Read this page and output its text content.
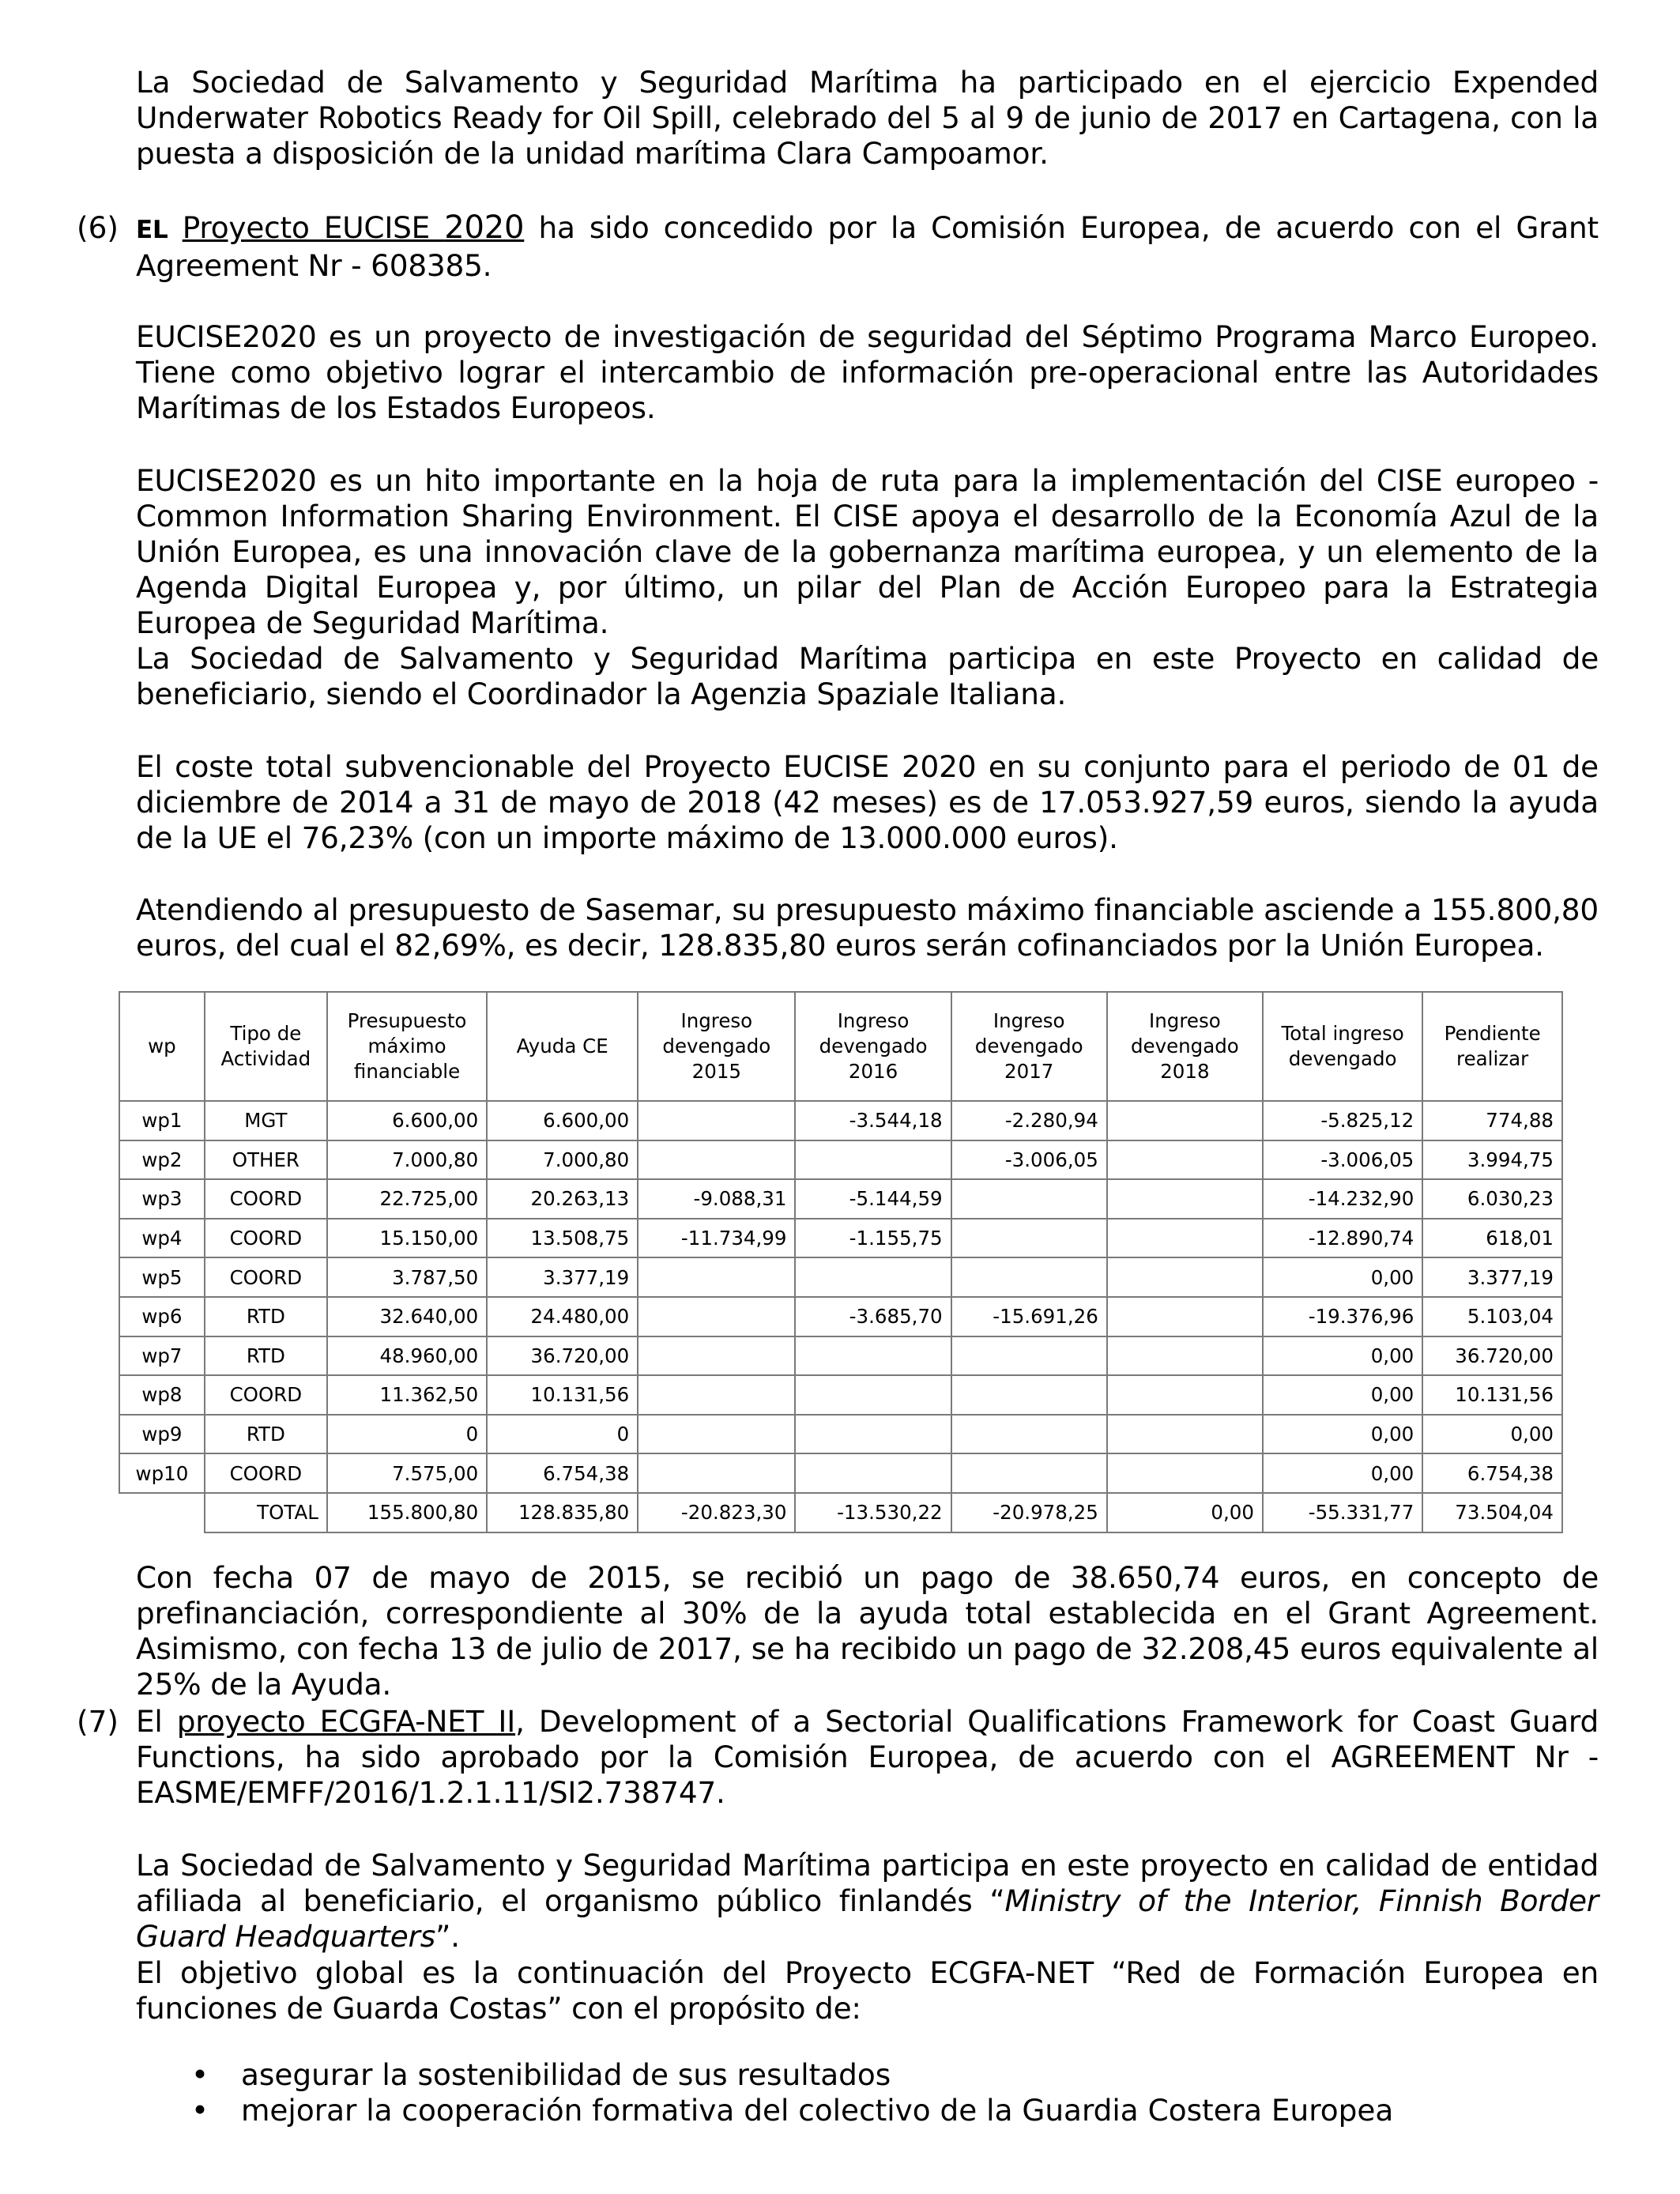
La Sociedad de Salvamento y Seguridad Marítima ha participado en el ejercicio Expended Underwater Robotics Ready for Oil Spill, celebrado del 5 al 9 de junio de 2017 en Cartagena, con la puesta a disposición de la unidad marítima Clara Campoamor.

(6) EL Proyecto EUCISE 2020 ha sido concedido por la Comisión Europea, de acuerdo con el Grant Agreement Nr - 608385.

EUCISE2020 es un proyecto de investigación de seguridad del Séptimo Programa Marco Europeo. Tiene como objetivo lograr el intercambio de información pre-operacional entre las Autoridades Marítimas de los Estados Europeos.

EUCISE2020 es un hito importante en la hoja de ruta para la implementación del CISE europeo - Common Information Sharing Environment. El CISE apoya el desarrollo de la Economía Azul de la Unión Europea, es una innovación clave de la gobernanza marítima europea, y un elemento de la Agenda Digital Europea y, por último, un pilar del Plan de Acción Europeo para la Estrategia Europea de Seguridad Marítima.

La Sociedad de Salvamento y Seguridad Marítima participa en este Proyecto en calidad de beneficiario, siendo el Coordinador la Agenzia Spaziale Italiana.

El coste total subvencionable del Proyecto EUCISE 2020 en su conjunto para el periodo de 01 de diciembre de 2014 a 31 de mayo de 2018 (42 meses) es de 17.053.927,59 euros, siendo la ayuda de la UE el 76,23% (con un importe máximo de 13.000.000 euros).

Atendiendo al presupuesto de Sasemar, su presupuesto máximo financiable asciende a 155.800,80 euros, del cual el 82,69%, es decir, 128.835,80 euros serán cofinanciados por la Unión Europea.

wp	Tipo de Actividad	Presupuesto máximo financiable	Ayuda CE	Ingreso devengado 2015	Ingreso devengado 2016	Ingreso devengado 2017	Ingreso devengado 2018	Total ingreso devengado	Pendiente realizar
wp1	MGT	6.600,00	6.600,00		-3.544,18	-2.280,94		-5.825,12	774,88
wp2	OTHER	7.000,80	7.000,80			-3.006,05		-3.006,05	3.994,75
wp3	COORD	22.725,00	20.263,13	-9.088,31	-5.144,59			-14.232,90	6.030,23
wp4	COORD	15.150,00	13.508,75	-11.734,99	-1.155,75			-12.890,74	618,01
wp5	COORD	3.787,50	3.377,19					0,00	3.377,19
wp6	RTD	32.640,00	24.480,00		-3.685,70	-15.691,26		-19.376,96	5.103,04
wp7	RTD	48.960,00	36.720,00					0,00	36.720,00
wp8	COORD	11.362,50	10.131,56					0,00	10.131,56
wp9	RTD	0	0					0,00	0,00
wp10	COORD	7.575,00	6.754,38					0,00	6.754,38
	TOTAL	155.800,80	128.835,80	-20.823,30	-13.530,22	-20.978,25	0,00	-55.331,77	73.504,04

Con fecha 07 de mayo de 2015, se recibió un pago de 38.650,74 euros, en concepto de prefinanciación, correspondiente al 30% de la ayuda total establecida en el Grant Agreement. Asimismo, con fecha 13 de julio de 2017, se ha recibido un pago de 32.208,45 euros equivalente al 25% de la Ayuda.

(7) El proyecto ECGFA-NET II, Development of a Sectorial Qualifications Framework for Coast Guard Functions, ha sido aprobado por la Comisión Europea, de acuerdo con el AGREEMENT Nr - EASME/EMFF/2016/1.2.1.11/SI2.738747.

La Sociedad de Salvamento y Seguridad Marítima participa en este proyecto en calidad de entidad afiliada al beneficiario, el organismo público finlandés “Ministry of the Interior, Finnish Border Guard Headquarters”.

El objetivo global es la continuación del Proyecto ECGFA-NET “Red de Formación Europea en funciones de Guarda Costas” con el propósito de:

• asegurar la sostenibilidad de sus resultados
• mejorar la cooperación formativa del colectivo de la Guardia Costera Europea
